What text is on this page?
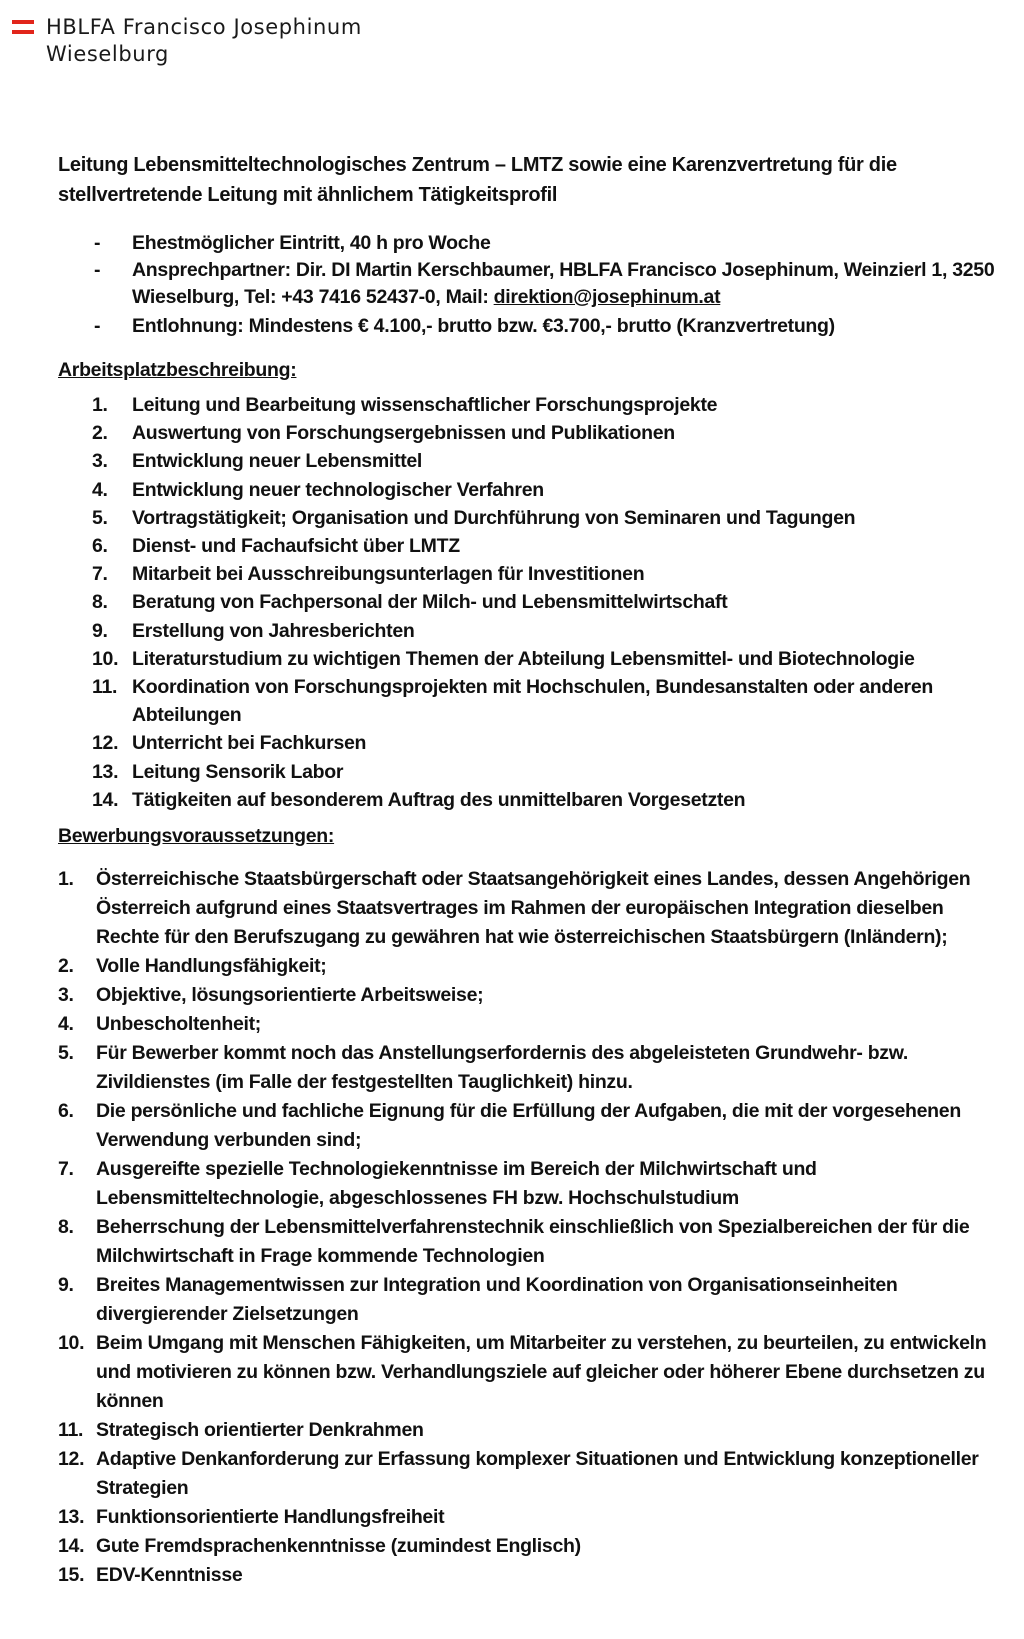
HBLFA Francisco Josephinum
Wieselburg
Leitung Lebensmitteltechnologisches Zentrum – LMTZ sowie eine Karenzvertretung für die stellvertretende Leitung mit ähnlichem Tätigkeitsprofil
- Ehestmöglicher Eintritt, 40 h pro Woche
- Ansprechpartner: Dir. DI Martin Kerschbaumer, HBLFA Francisco Josephinum, Weinzierl 1, 3250 Wieselburg, Tel: +43 7416 52437-0, Mail: direktion@josephinum.at
- Entlohnung: Mindestens € 4.100,- brutto bzw. €3.700,- brutto (Kranzvertretung)
Arbeitsplatzbeschreibung:
1. Leitung und Bearbeitung wissenschaftlicher Forschungsprojekte
2. Auswertung von Forschungsergebnissen und Publikationen
3. Entwicklung neuer Lebensmittel
4. Entwicklung neuer technologischer Verfahren
5. Vortragstätigkeit; Organisation und Durchführung von Seminaren und Tagungen
6. Dienst- und Fachaufsicht über LMTZ
7. Mitarbeit bei Ausschreibungsunterlagen für Investitionen
8. Beratung von Fachpersonal der Milch- und Lebensmittelwirtschaft
9. Erstellung von Jahresberichten
10. Literaturstudium zu wichtigen Themen der Abteilung Lebensmittel- und Biotechnologie
11. Koordination von Forschungsprojekten mit Hochschulen, Bundesanstalten oder anderen Abteilungen
12. Unterricht bei Fachkursen
13. Leitung Sensorik Labor
14. Tätigkeiten auf besonderem Auftrag des unmittelbaren Vorgesetzten
Bewerbungsvoraussetzungen:
1. Österreichische Staatsbürgerschaft oder Staatsangehörigkeit eines Landes, dessen Angehörigen Österreich aufgrund eines Staatsvertrages im Rahmen der europäischen Integration dieselben Rechte für den Berufszugang zu gewähren hat wie österreichischen Staatsbürgern (Inländern);
2. Volle Handlungsfähigkeit;
3. Objektive, lösungsorientierte Arbeitsweise;
4. Unbescholtenheit;
5. Für Bewerber kommt noch das Anstellungserfordernis des abgeleisteten Grundwehr- bzw. Zivildienstes (im Falle der festgestellten Tauglichkeit) hinzu.
6. Die persönliche und fachliche Eignung für die Erfüllung der Aufgaben, die mit der vorgesehenen Verwendung verbunden sind;
7. Ausgereifte spezielle Technologiekenntnisse im Bereich der Milchwirtschaft und Lebensmitteltechnologie, abgeschlossenes FH bzw. Hochschulstudium
8. Beherrschung der Lebensmittelverfahrenstechnik einschließlich von Spezialbereichen der für die Milchwirtschaft in Frage kommende Technologien
9. Breites Managementwissen zur Integration und Koordination von Organisationseinheiten divergierender Zielsetzungen
10. Beim Umgang mit Menschen Fähigkeiten, um Mitarbeiter zu verstehen, zu beurteilen, zu entwickeln und motivieren zu können bzw. Verhandlungsziele auf gleicher oder höherer Ebene durchsetzen zu können
11. Strategisch orientierter Denkrahmen
12. Adaptive Denkanforderung zur Erfassung komplexer Situationen und Entwicklung konzeptioneller Strategien
13. Funktionsorientierte Handlungsfreiheit
14. Gute Fremdsprachenkenntnisse (zumindest Englisch)
15. EDV-Kenntnisse
